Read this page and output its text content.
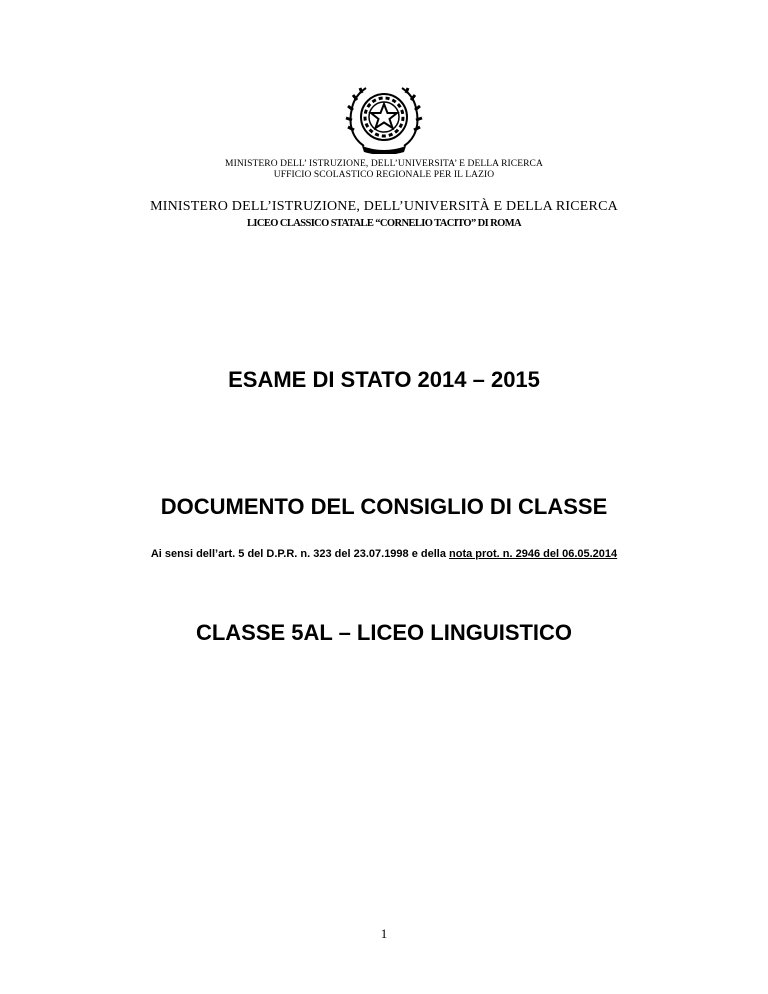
MINISTERO DELL’ ISTRUZIONE, DELL’UNIVERSITA’ E DELLA RICERCA
UFFICIO SCOLASTICO REGIONALE PER IL LAZIO
MINISTERO DELL’ISTRUZIONE, DELL’UNIVERSITÀ E DELLA RICERCA
LICEO CLASSICO STATALE “CORNELIO TACITO” DI ROMA
ESAME DI STATO 2014 – 2015
DOCUMENTO DEL CONSIGLIO DI CLASSE
Ai sensi dell’art. 5 del D.P.R. n. 323 del 23.07.1998 e della nota prot. n. 2946 del 06.05.2014
CLASSE 5AL – LICEO LINGUISTICO
1
